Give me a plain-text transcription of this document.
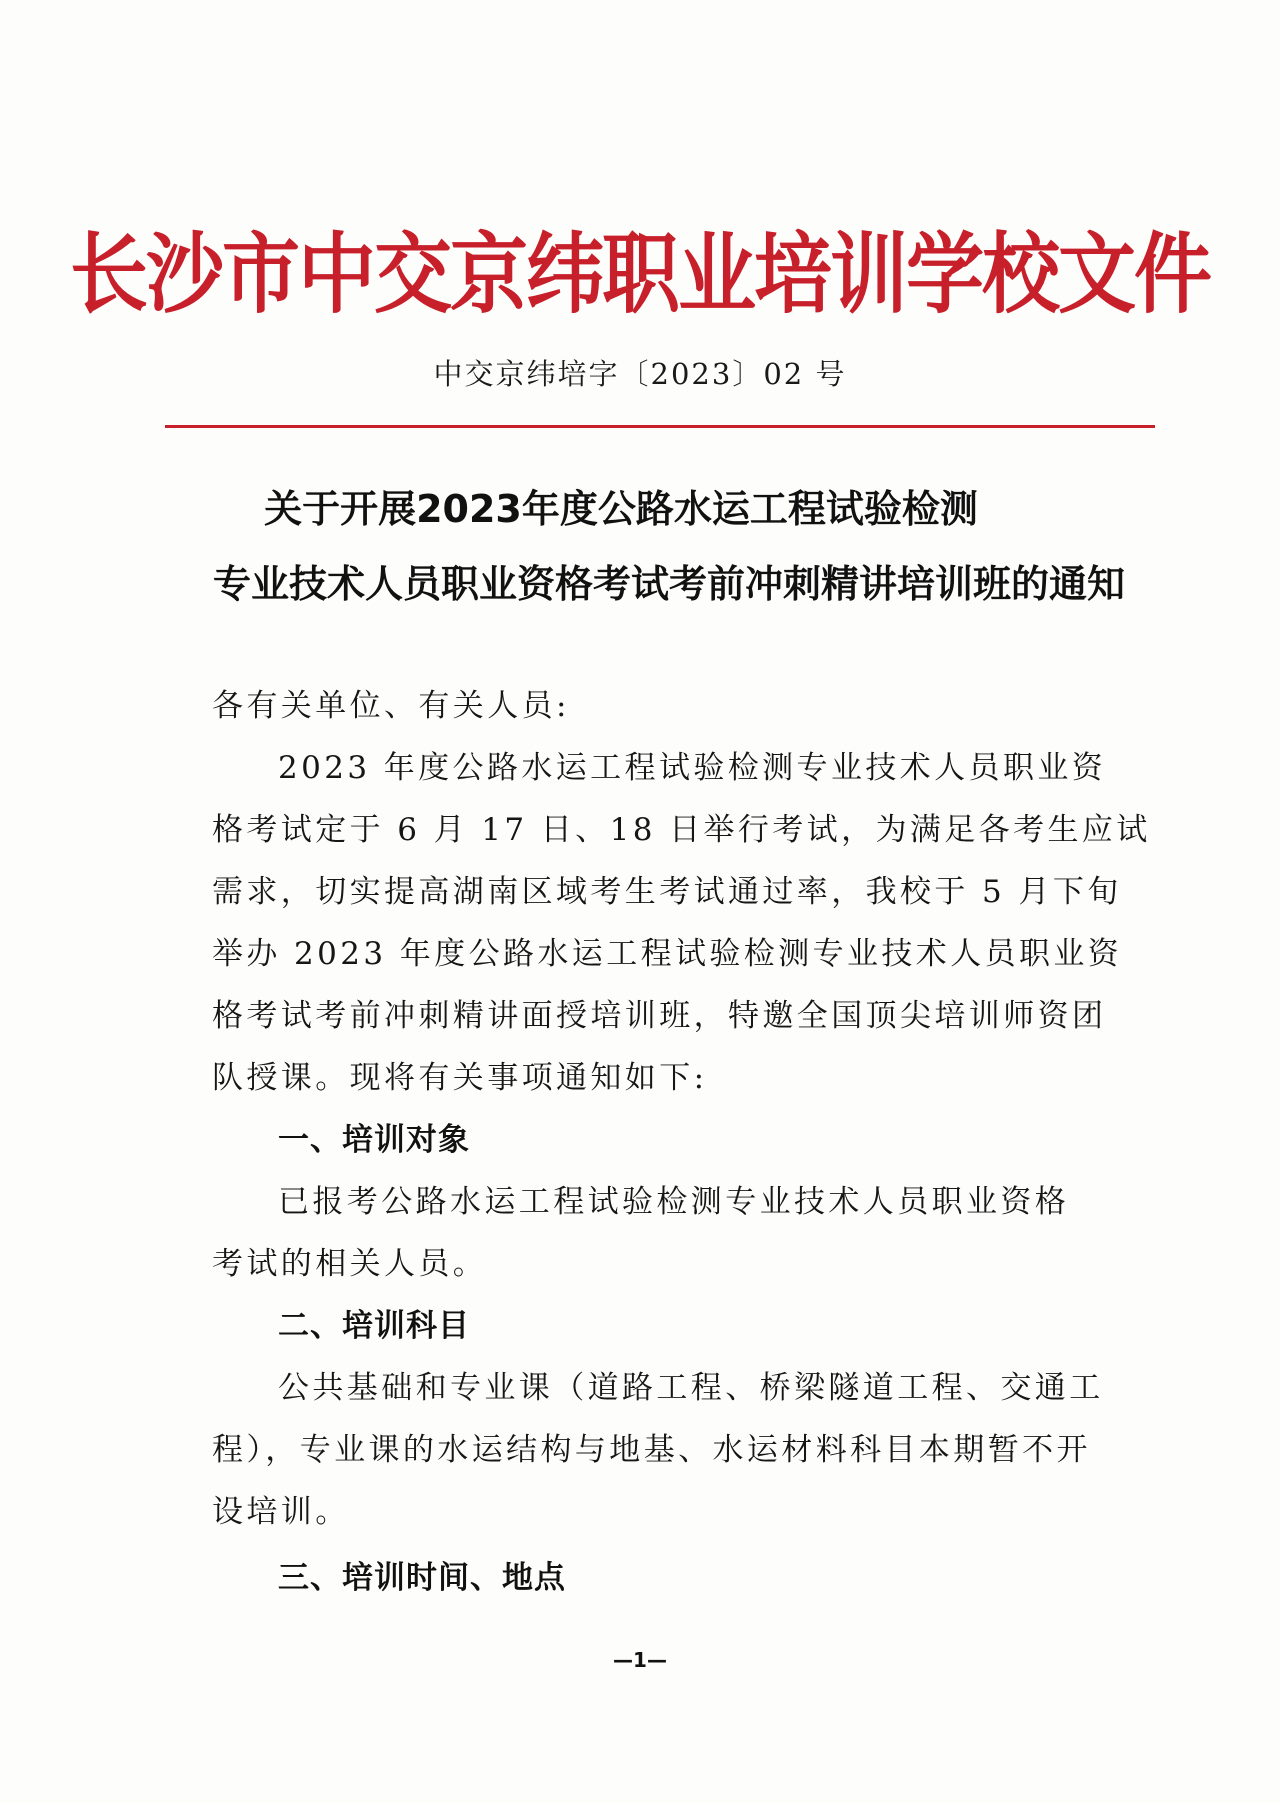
长沙市中交京纬职业培训学校文件
中交京纬培字〔2023〕02 号
关于开展2023年度公路水运工程试验检测
专业技术人员职业资格考试考前冲刺精讲培训班的通知
各有关单位、有关人员:
2023 年度公路水运工程试验检测专业技术人员职业资
格考试定于 6 月 17 日、18 日举行考试，为满足各考生应试
需求，切实提高湖南区域考生考试通过率，我校于 5 月下旬
举办 2023 年度公路水运工程试验检测专业技术人员职业资
格考试考前冲刺精讲面授培训班，特邀全国顶尖培训师资团
队授课。现将有关事项通知如下:
一、培训对象
已报考公路水运工程试验检测专业技术人员职业资格
考试的相关人员。
二、培训科目
公共基础和专业课（道路工程、桥梁隧道工程、交通工
程），专业课的水运结构与地基、水运材料科目本期暂不开
设培训。
三、培训时间、地点
—1—
